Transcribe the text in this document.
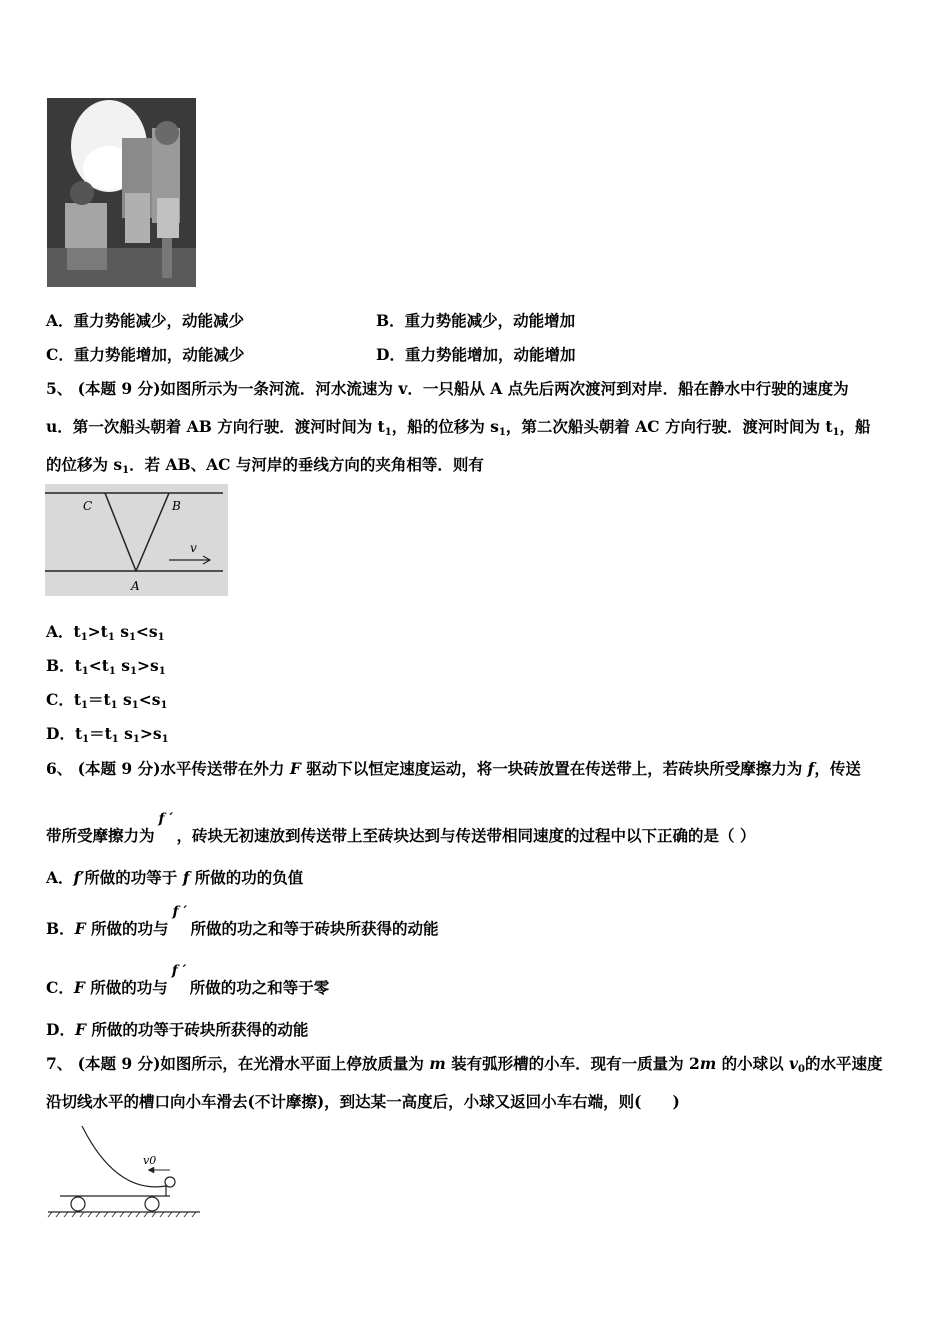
A．重力势能减少，动能减少	B．重力势能减少，动能增加
C．重力势能增加，动能减少	D．重力势能增加，动能增加
5、 (本题 9 分)如图所示为一条河流．河水流速为 v．一只船从 A 点先后两次渡河到对岸．船在静水中行驶的速度为
u．第一次船头朝着 AB 方向行驶．渡河时间为 $t_1$，船的位移为 $s_1$，第二次船头朝着 AC 方向行驶．渡河时间为 $t_1$，船
的位移为 $s_1$．若 AB、AC 与河岸的垂线方向的夹角相等．则有
C	B
A
v
A．$t_1>t_1$ $s_1<s_1$
B．$t_1<t_1$ $s_1>s_1$
C．$t_1=t_1$ $s_1<s_1$
D．$t_1=t_1$ $s_1>s_1$
6、 (本题 9 分)水平传送带在外力 F 驱动下以恒定速度运动，将一块砖放置在传送带上，若砖块所受摩擦力为 f，传送
带所受摩擦力为
f ′
，砖块无初速放到传送带上至砖块达到与传送带相同速度的过程中以下正确的是（ ）
A．f′所做的功等于 f 所做的功的负值
B．F 所做的功与
f ′
所做的功之和等于砖块所获得的动能
C．F 所做的功与
f ′
所做的功之和等于零
D．F 所做的功等于砖块所获得的动能
7、 (本题 9 分)如图所示，在光滑水平面上停放质量为 m 装有弧形槽的小车．现有一质量为 2m 的小球以 $v_0$的水平速度
沿切线水平的槽口向小车滑去(不计摩擦)，到达某一高度后，小球又返回小车右端，则(　　)
v0
